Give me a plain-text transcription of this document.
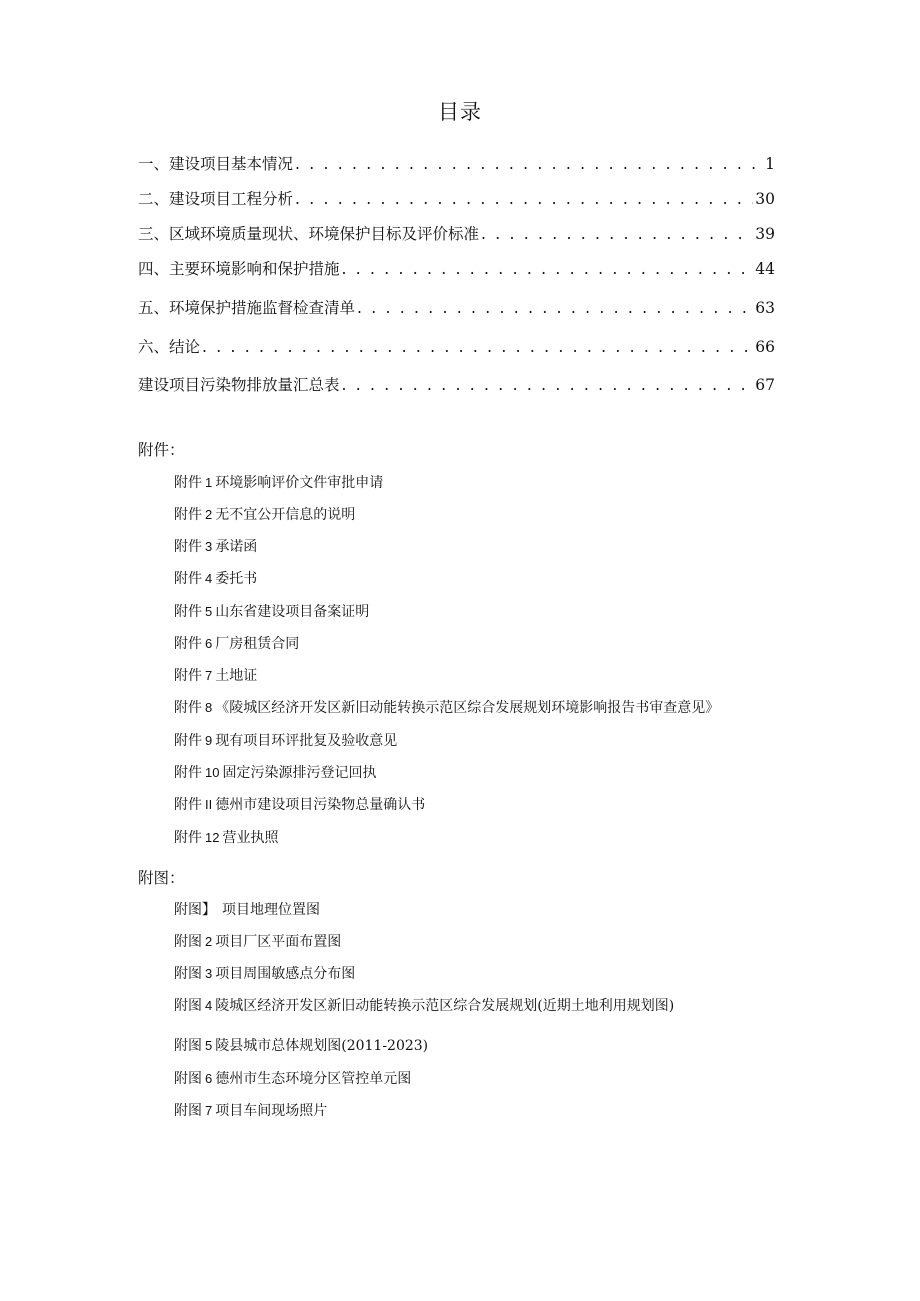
目录
一、建设项目基本情况 . . .	1
二、建设项目工程分析 . . .	30
三、区域环境质量现状、环境保护目标及评价标准 . . .	39
四、主要环境影响和保护措施 . . .	44
五、环境保护措施监督检查清单 . . .	63
六、结论 . . .	66
建设项目污染物排放量汇总表 . . .	67
附件：
附件 1 环境影响评价文件审批申请
附件 2 无不宜公开信息的说明
附件 3 承诺函
附件 4 委托书
附件 5 山东省建设项目备案证明
附件 6 厂房租赁合同
附件 7 土地证
附件 8 《陵城区经济开发区新旧动能转换示范区综合发展规划环境影响报告书审查意见》
附件 9 现有项目环评批复及验收意见
附件 10 固定污染源排污登记回执
附件 II 德州市建设项目污染物总量确认书
附件 12 营业执照
附图：
附图】 项目地理位置图
附图 2 项目厂区平面布置图
附图 3 项目周围敏感点分布图
附图 4 陵城区经济开发区新旧动能转换示范区综合发展规划(近期土地利用规划图)
附图 5 陵县城市总体规划图(2011-2023)
附图 6 德州市生态环境分区管控单元图
附图 7 项目车间现场照片
